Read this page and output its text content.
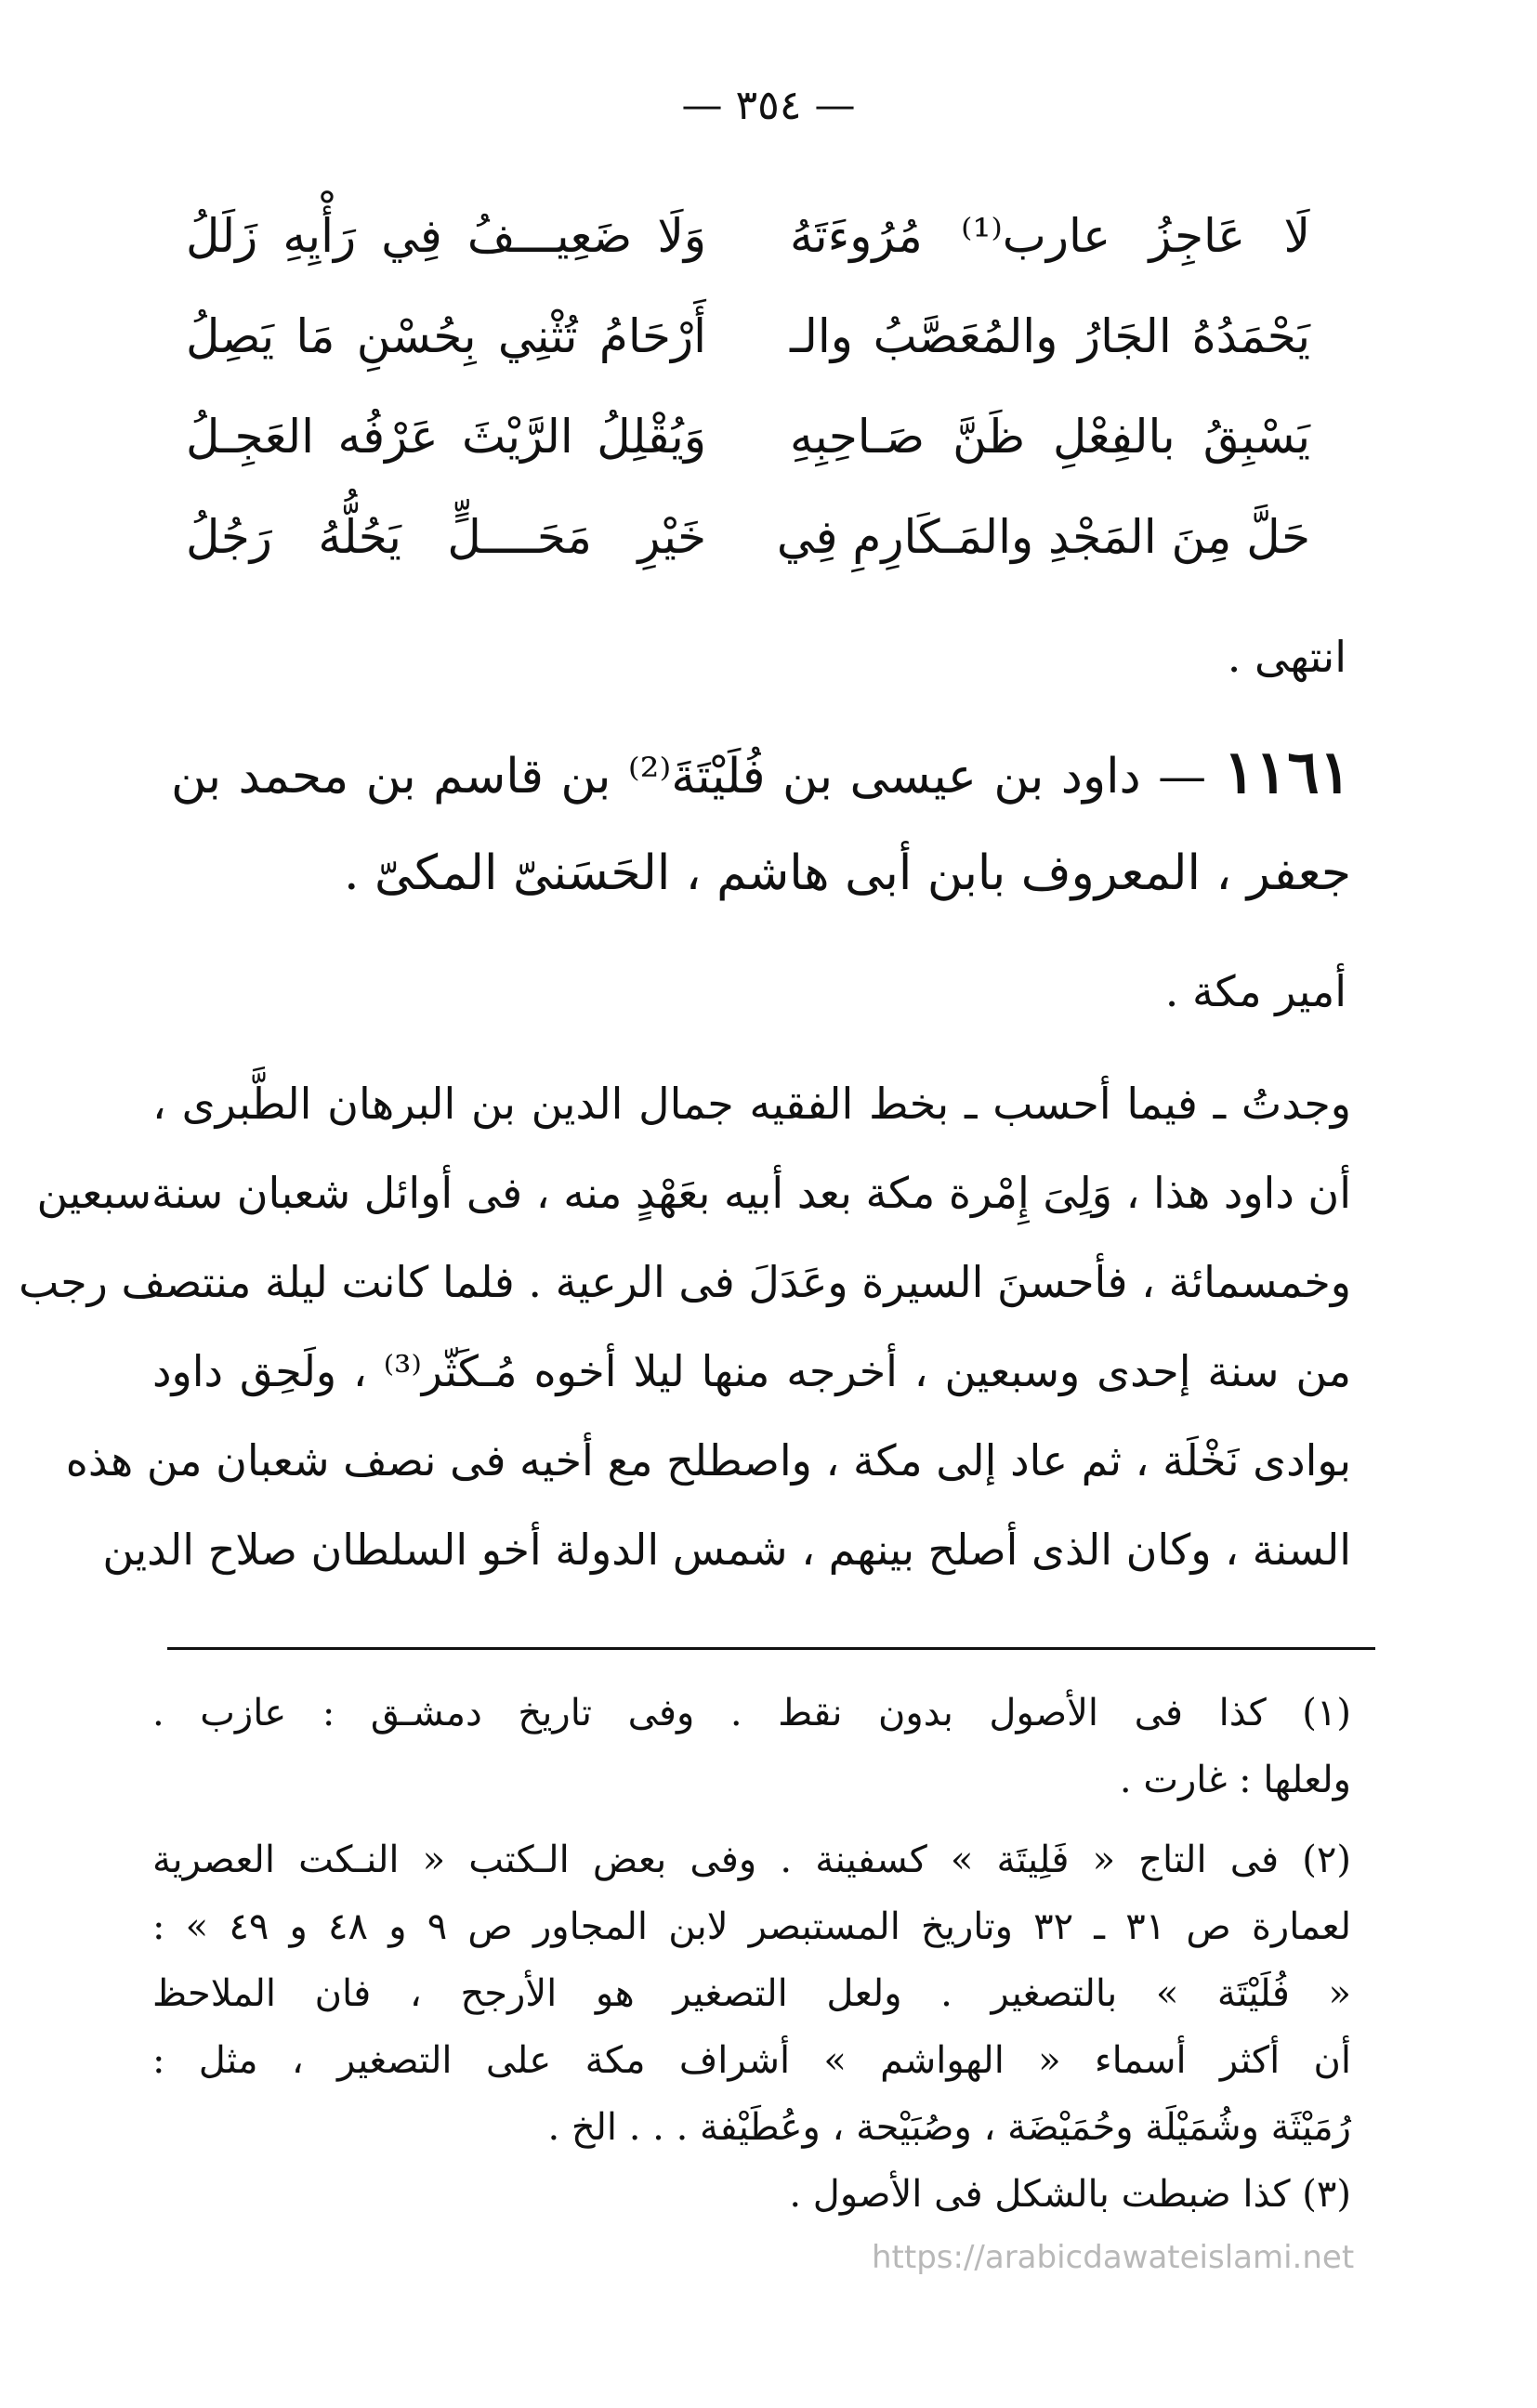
— ٣٥٤ —
لَا عَاجِزُ عارب⁽¹⁾ مُرُوءَتَهُ
وَلَا ضَعِيـــفُ فِي رَأْيِهِ زَلَلُ
يَحْمَدُهُ الجَارُ والمُعَصَّبُ والـ
أَرْحَامُ تُثْنِي بِحُسْنِ مَا يَصِلُ
يَسْبِقُ بالفِعْلِ ظَنَّ صَـاحِبِهِ
وَيُقْلِلُ الرَّيْثَ عَرْفُه العَجِـلُ
حَلَّ مِنَ المَجْدِ والمَـكَارِمِ فِي
خَيْرِ مَحَــــلٍّ يَحُلُّهُ رَجُلُ
انتهى .
١١٦١ — داود بن عيسى بن فُلَيْتَةَ⁽²⁾ بن قاسم بن محمد بن جعفر ، المعروف بابن أبى هاشم ، الحَسَنىّ المكىّ .
أمير مكة .
وجدتُ ـ فيما أحسب ـ بخط الفقيه جمال الدين بن البرهان الطَّبرى ،
أن داود هذا ، وَلِىَ إِمْرة مكة بعد أبيه بعَهْدٍ منه ، فى أوائل شعبان سنةسبعين
وخمسمائة ، فأحسنَ السيرة وعَدَلَ فى الرعية . فلما كانت ليلة منتصف رجب
من سنة إحدى وسبعين ، أخرجه منها ليلا أخوه مُـكَثّر⁽³⁾ ، ولَحِق داود
بوادى نَخْلَة ، ثم عاد إلى مكة ، واصطلح مع أخيه فى نصف شعبان من هذه
السنة ، وكان الذى أصلح بينهم ، شمس الدولة أخو السلطان صلاح الدين
(١) كذا فى الأصول بدون نقط . وفى تاريخ دمشـق : عازب .
ولعلها : غارت .
(٢) فى التاج « فَلِيتَة » كسفينة . وفى بعض الـكتب « النـكت العصرية
لعمارة ص ٣١ ـ ٣٢ وتاريخ المستبصر لابن المجاور ص ٩ و ٤٨ و ٤٩ » :
« فُلَيْتَة » بالتصغير . ولعل التصغير هو الأرجح ، فان الملاحظ
أن أكثر أسماء « الهواشم » أشراف مكة على التصغير ، مثل :
رُمَيْثَة وشُمَيْلَة وحُمَيْضَة ، وصُبَيْحة ، وعُطَيْفة . . . الخ .
(٣) كذا ضبطت بالشكل فى الأصول .
https://arabicdawateislami.net
